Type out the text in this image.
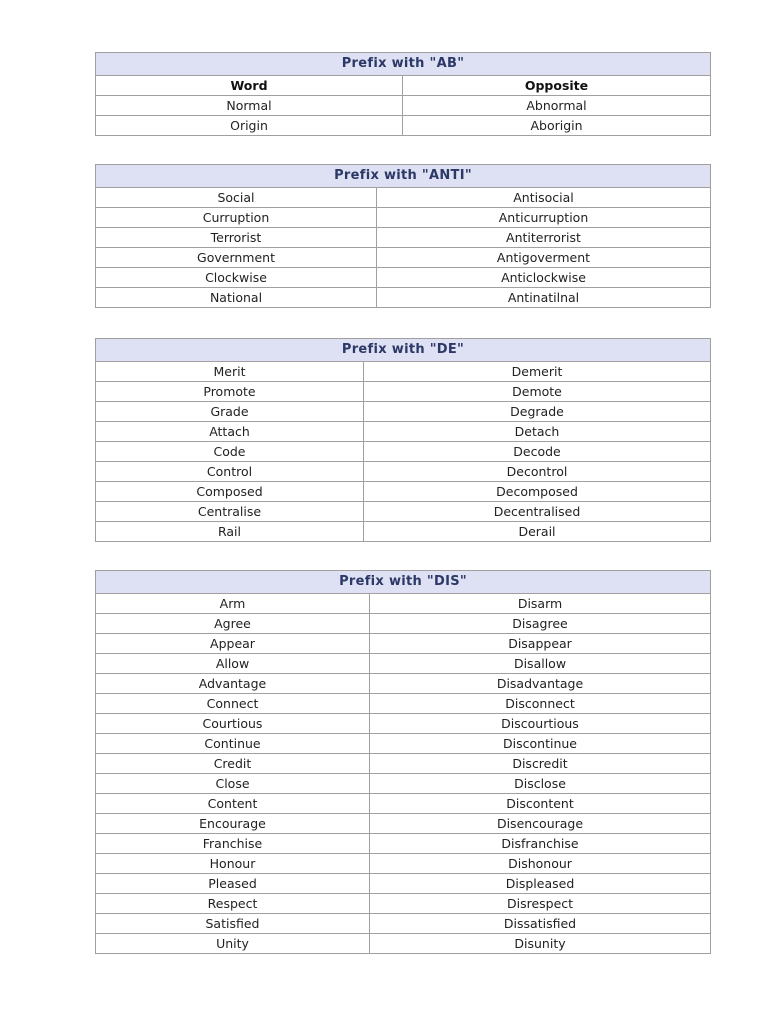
Prefix with "AB"	
Word	Opposite
Normal	Abnormal
Origin	Aborigin
Prefix with "ANTI"	
Social	Antisocial
Curruption	Anticurruption
Terrorist	Antiterrorist
Government	Antigoverment
Clockwise	Anticlockwise
National	Antinatilnal
Prefix with "DE"	
Merit	Demerit
Promote	Demote
Grade	Degrade
Attach	Detach
Code	Decode
Control	Decontrol
Composed	Decomposed
Centralise	Decentralised
Rail	Derail
Prefix with "DIS"	
Arm	Disarm
Agree	Disagree
Appear	Disappear
Allow	Disallow
Advantage	Disadvantage
Connect	Disconnect
Courtious	Discourtious
Continue	Discontinue
Credit	Discredit
Close	Disclose
Content	Discontent
Encourage	Disencourage
Franchise	Disfranchise
Honour	Dishonour
Pleased	Displeased
Respect	Disrespect
Satisfied	Dissatisfied
Unity	Disunity
